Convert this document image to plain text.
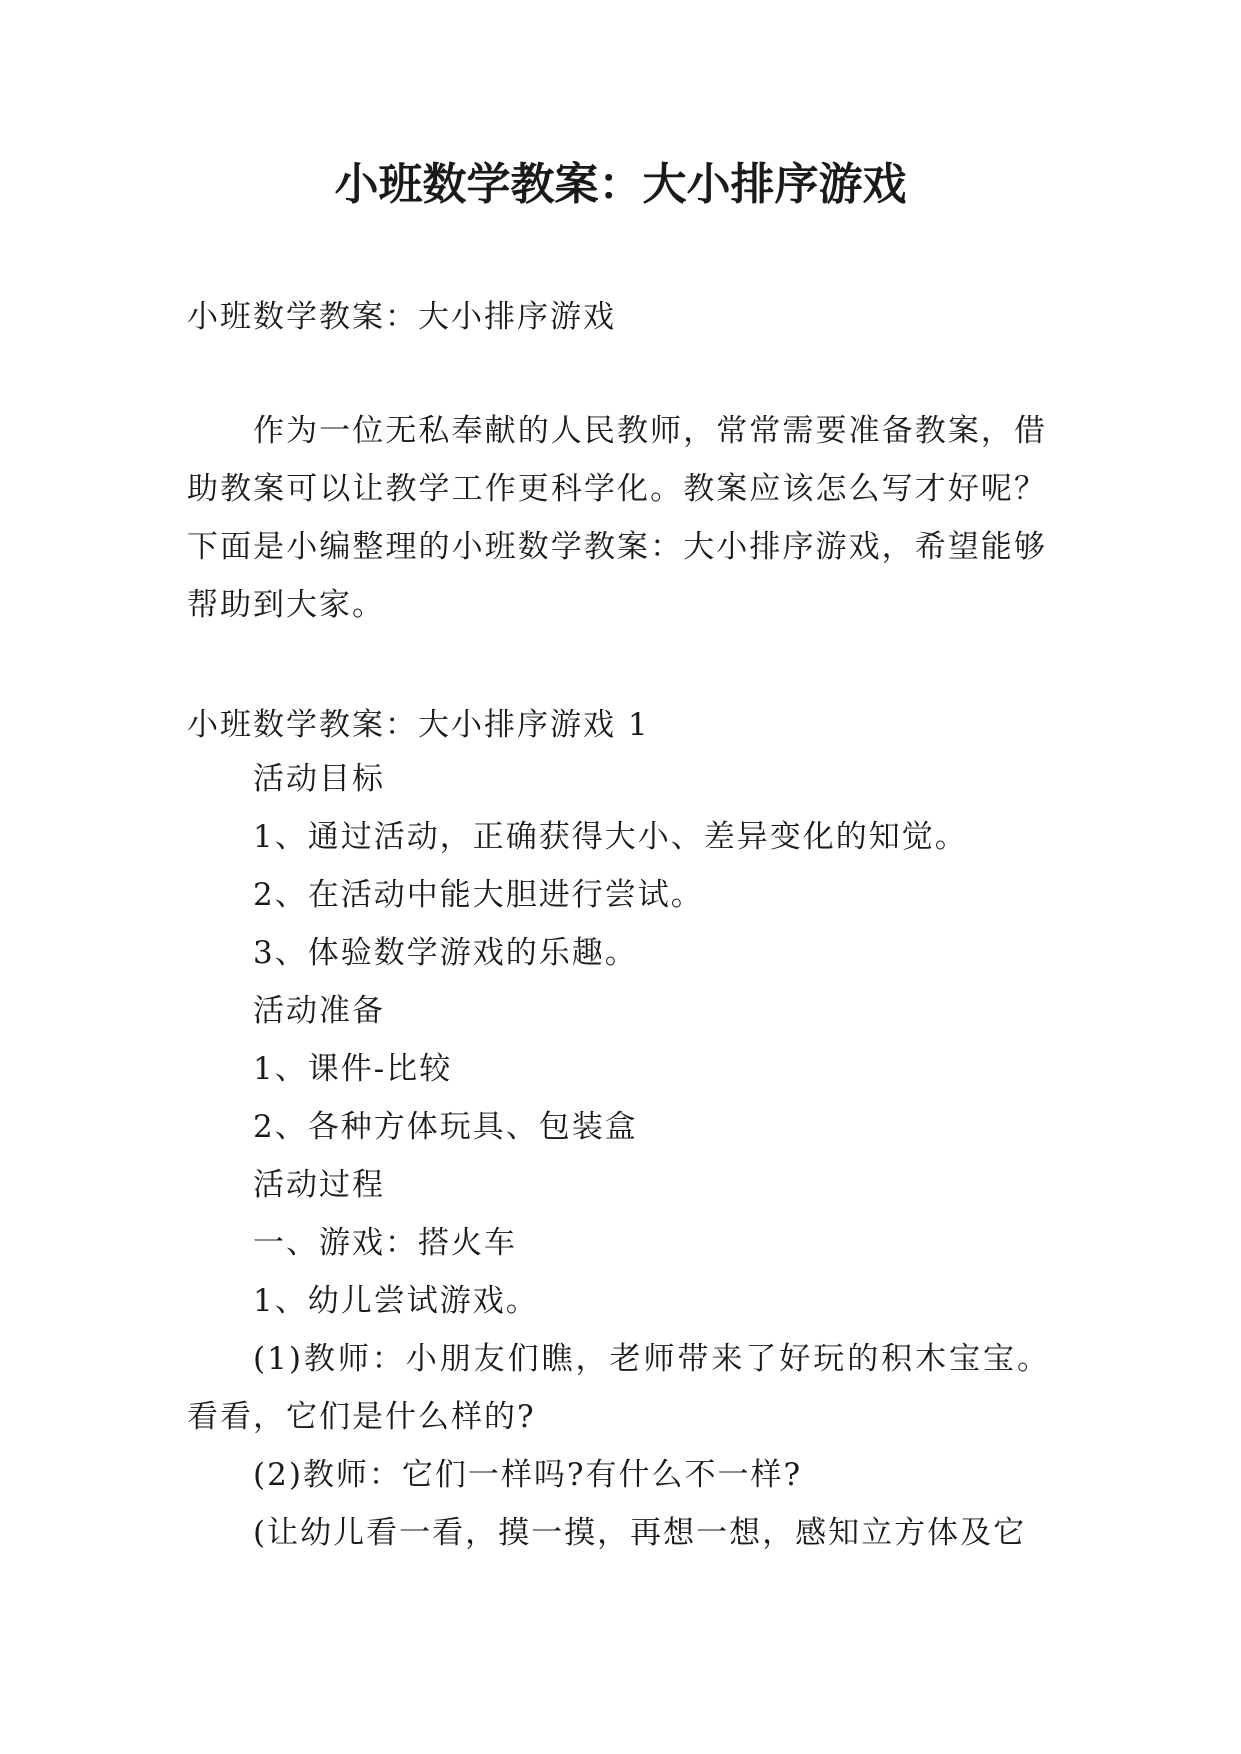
小班数学教案：大小排序游戏
小班数学教案：大小排序游戏
作为一位无私奉献的人民教师，常常需要准备教案，借助教案可以让教学工作更科学化。教案应该怎么写才好呢？下面是小编整理的小班数学教案：大小排序游戏，希望能够帮助到大家。
小班数学教案：大小排序游戏 1

活动目标

1、通过活动，正确获得大小、差异变化的知觉。

2、在活动中能大胆进行尝试。

3、体验数学游戏的乐趣。

活动准备

1、课件-比较

2、各种方体玩具、包装盒

活动过程

一、游戏：搭火车

1、幼儿尝试游戏。

(1)教师：小朋友们瞧，老师带来了好玩的积木宝宝。看看，它们是什么样的?

(2)教师：它们一样吗?有什么不一样?

(让幼儿看一看，摸一摸，再想一想，感知立方体及它
